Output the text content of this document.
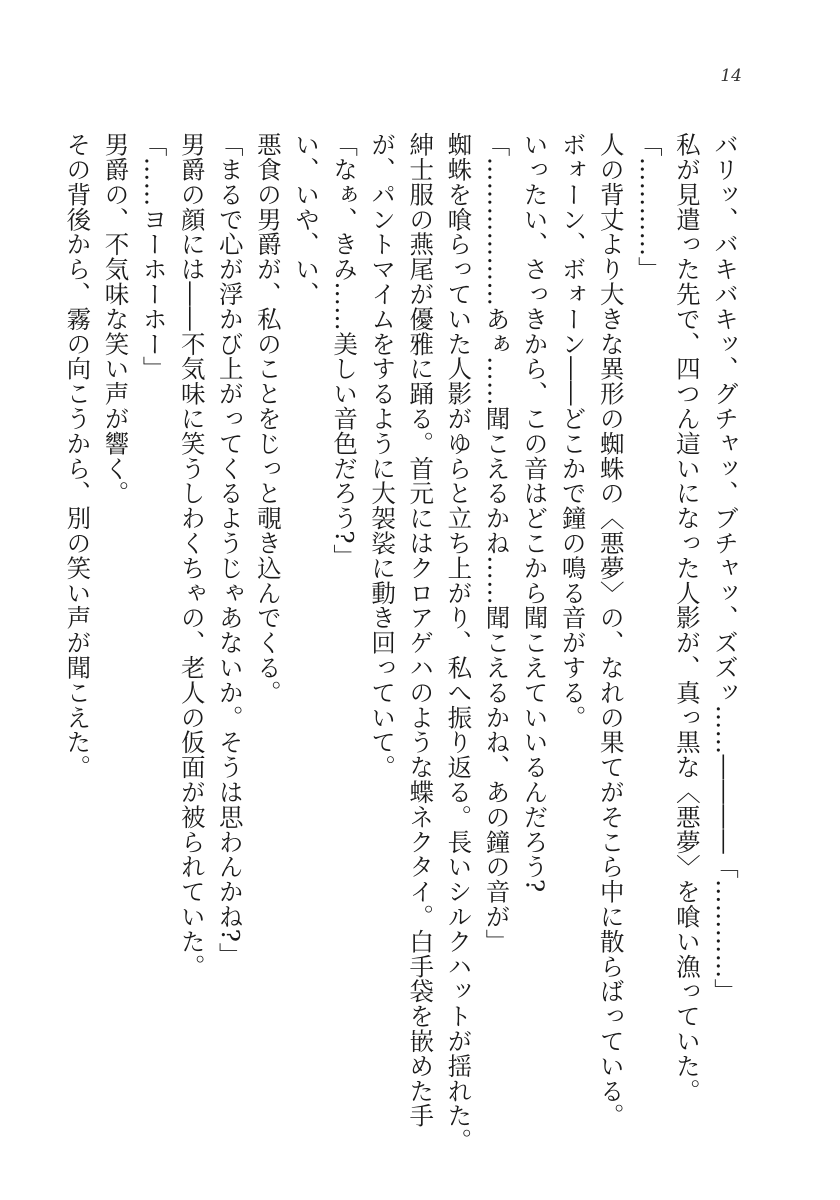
14

バリッ、バキバキッ、グチャッ、ブチャッ、ズズッ……――――「…………」

私が見遣った先で、四つん這いになった人影が、真っ黒な〈悪夢〉を喰い漁っていた。

「…………」

人の背丈より大きな異形の蜘蛛の〈悪夢〉の、なれの果てがそこら中に散らばっている。

ボォーン、ボォーン――どこかで鐘の鳴る音がする。

いったい、さっきから、この音はどこから聞こえていいるんだろう?

「………………あぁ……聞こえるかね……聞こえるかね、あの鐘の音が」

蜘蛛を喰らっていた人影がゆらと立ち上がり、私へ振り返る。長いシルクハットが揺れた。

紳士服の燕尾が優雅に踊る。首元にはクロアゲハのような蝶ネクタイ。白手袋を嵌めた手

が、パントマイムをするように大袈裟に動き回っていて。

「なぁ、きみ……美しい音色だろう?」

い、いや、い、

悪食の男爵が、私のことをじっと覗き込んでくる。

「まるで心が浮かび上がってくるようじゃあないか。そうは思わんかね?」

男爵の顔には――不気味に笑うしわくちゃの、老人の仮面が被られていた。

「……ヨーホーホー」

男爵の、不気味な笑い声が響く。

その背後から、霧の向こうから、別の笑い声が聞こえた。
